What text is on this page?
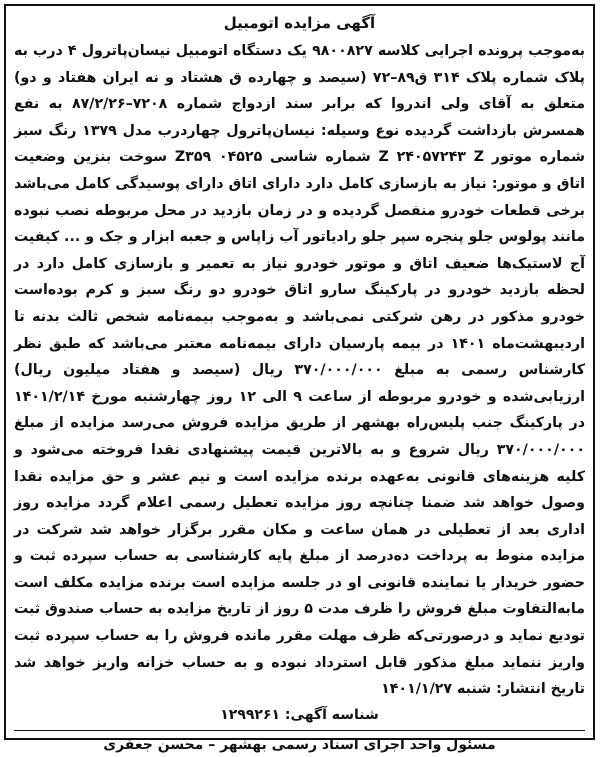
آگهی مزایده اتومبیل

به‌موجب پرونده اجرایی کلاسه ۹۸۰۰۸۲۷ یک دستگاه اتومبیل نیسان‌پاترول ۴ درب به پلاک شماره پلاک ۳۱۴ ق۸۹–۷۲ (سیصد و چهارده ق هشتاد و نه ایران هفتاد و دو) متعلق به آقای ولی اندروا که برابر سند ازدواج شماره ۷۲۰۸–۸۷/۲/۲۶ به نفع همسرش بازداشت گردیده نوع وسیله: نیسان‌پاترول چهاردرب مدل ۱۳۷۹ رنگ سبز شماره موتور Z ۲۴۰۵۷۲۴۳ Z شماره شاسی ۰۴۵۲۵ Z۳۵۹ سوخت بنزین وضعیت اتاق و موتور: نیاز به بازسازی کامل دارد دارای اتاق دارای پوسیدگی کامل می‌باشد برخی قطعات خودرو منفصل گردیده و در زمان بازدید در محل مربوطه نصب نبوده مانند پولوس جلو پنجره سپر جلو رادیاتور آب زاپاس و جعبه ابزار و جک و ... کیفیت آج لاستیک‌ها ضعیف اتاق و موتور خودرو نیاز به تعمیر و بازسازی کامل دارد در لحظه بازدید خودرو در پارکینگ سارو اتاق خودرو دو رنگ سبز و کرم بوده‌است خودرو مذکور در رهن شرکتی نمی‌باشد و به‌موجب بیمه‌نامه شخص ثالث بدنه تا اردیبهشت‌ماه ۱۴۰۱ در بیمه پارسیان دارای بیمه‌نامه معتبر می‌باشد که طبق نظر کارشناس رسمی به مبلغ ۳۷۰/۰۰۰/۰۰۰ ریال (سیصد و هفتاد میلیون ریال) ارزیابی‌شده و خودرو مربوطه از ساعت ۹ الی ۱۲ روز چهارشنبه مورخ ۱۴۰۱/۲/۱۴ در پارکینگ جنب پلیس‌راه بهشهر از طریق مزایده فروش می‌رسد مزایده از مبلغ ۳۷۰/۰۰۰/۰۰۰ ریال شروع و به بالاترین قیمت پیشنهادی نقدا فروخته می‌شود و کلیه هزینه‌های قانونی به‌عهده برنده مزایده است و نیم عشر و حق مزایده نقدا وصول خواهد شد ضمنا چنانچه روز مزایده تعطیل رسمی اعلام گردد مزایده روز اداری بعد از تعطیلی در همان ساعت و مکان مقرر برگزار خواهد شد شرکت در مزایده منوط به پرداخت ده‌درصد از مبلغ پایه کارشناسی به حساب سپرده ثبت و حضور خریدار یا نماینده قانونی او در جلسه مزایده است برنده مزایده مکلف است مابه‌التفاوت مبلغ فروش را ظرف مدت ۵ روز از تاریخ مزایده به حساب صندوق ثبت تودیع نماید و درصورتی‌که ظرف مهلت مقرر مانده فروش را به حساب سپرده ثبت واریز ننماید مبلغ مذکور قابل استرداد نبوده و به حساب خزانه واریز خواهد شد تاریخ انتشار: شنبه ۱۴۰۱/۱/۲۷

شناسه آگهی: ۱۲۹۹۲۶۱
مسئول واحد اجرای اسناد رسمی بهشهر – محسن جعفری
